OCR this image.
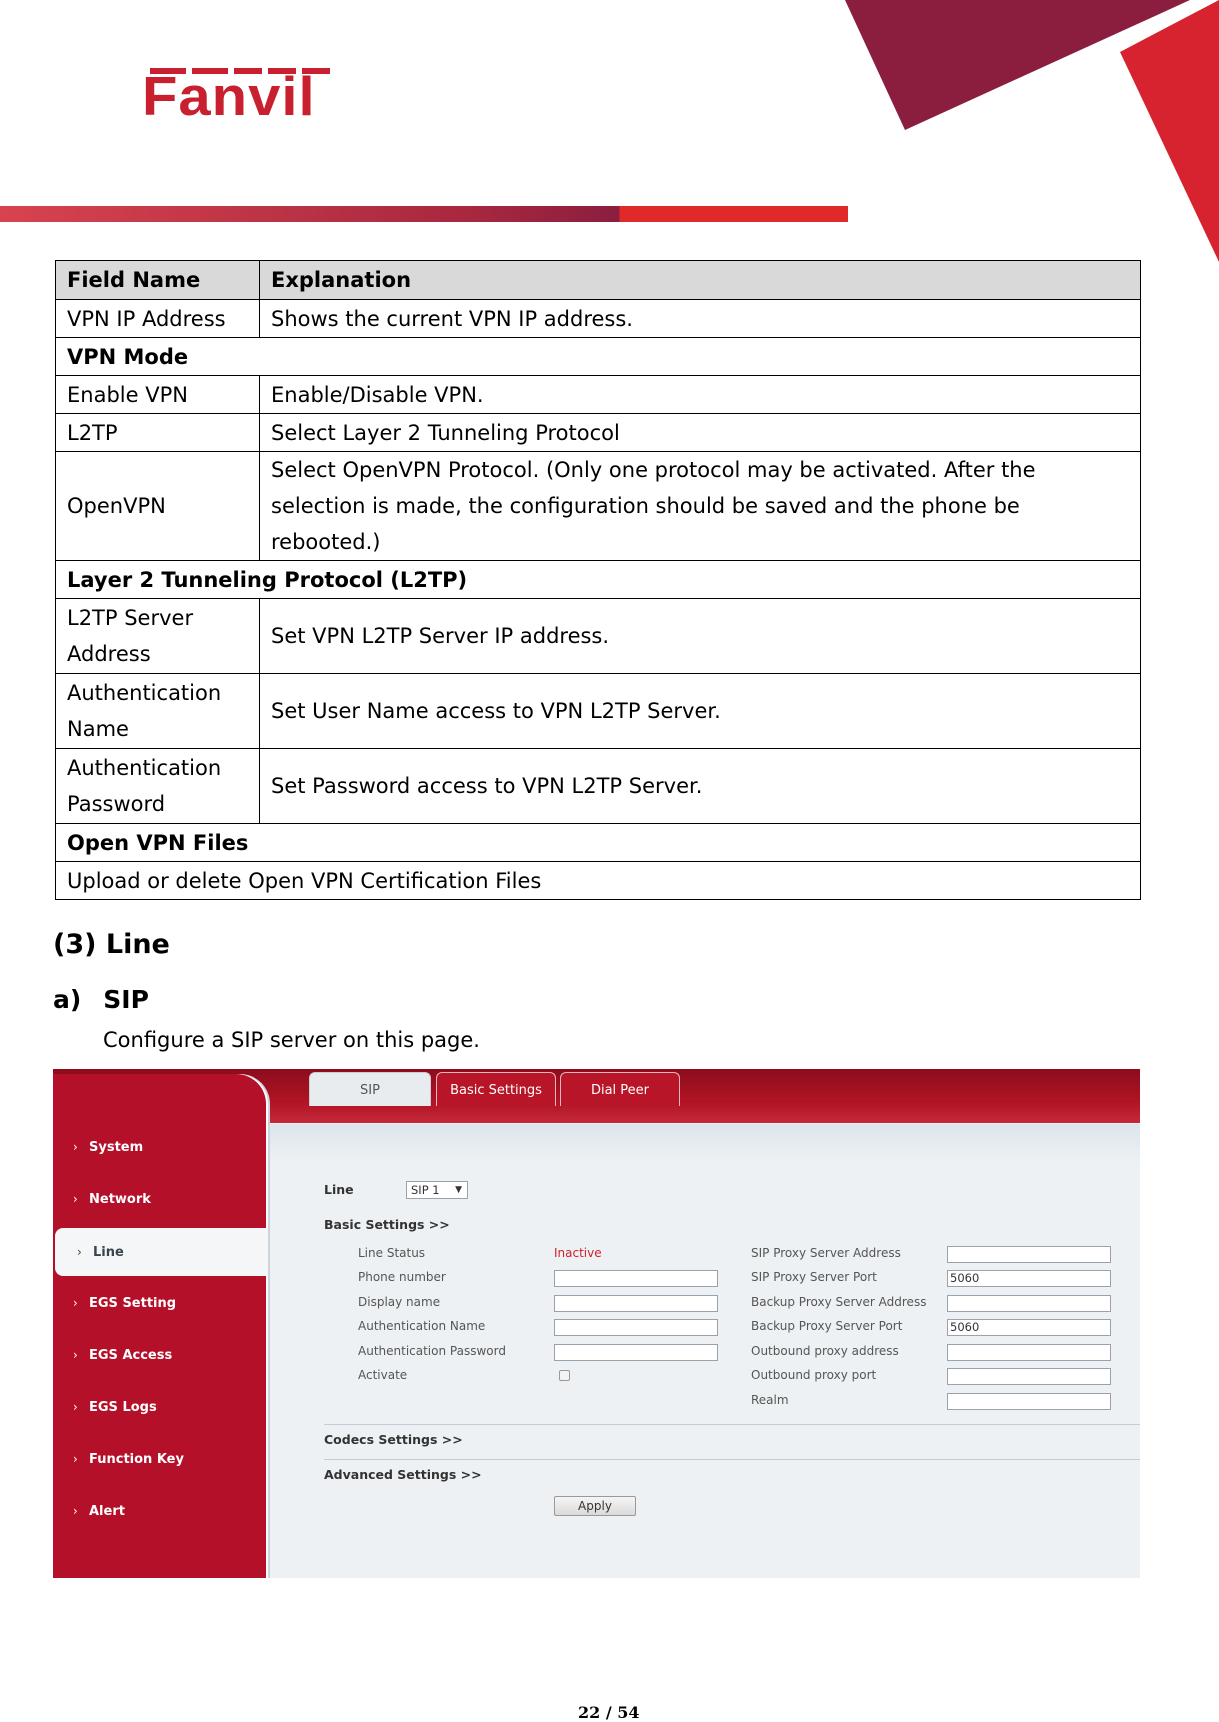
Fanvil
Field Name	Explanation
VPN IP Address	Shows the current VPN IP address.
VPN Mode	
Enable VPN	Enable/Disable VPN.
L2TP	Select Layer 2 Tunneling Protocol
OpenVPN	Select OpenVPN Protocol. (Only one protocol may be activated. After the selection is made, the configuration should be saved and the phone be rebooted.)
Layer 2 Tunneling Protocol (L2TP)	
L2TP Server Address	Set VPN L2TP Server IP address.
Authentication Name	Set User Name access to VPN L2TP Server.
Authentication Password	Set Password access to VPN L2TP Server.
Open VPN Files	
Upload or delete Open VPN Certification Files	
(3) Line
a) SIP
Configure a SIP server on this page.
SIP	Basic Settings	Dial Peer
› System
› Network
› Line
› EGS Setting
› EGS Access
› EGS Logs
› Function Key
› Alert
Line	SIP 1 ▼
Basic Settings >>
Line Status	Inactive
Phone number
Display name
Authentication Name
Authentication Password
Activate
SIP Proxy Server Address
SIP Proxy Server Port	5060
Backup Proxy Server Address
Backup Proxy Server Port	5060
Outbound proxy address
Outbound proxy port
Realm
Codecs Settings >>
Advanced Settings >>
Apply
22 / 54
